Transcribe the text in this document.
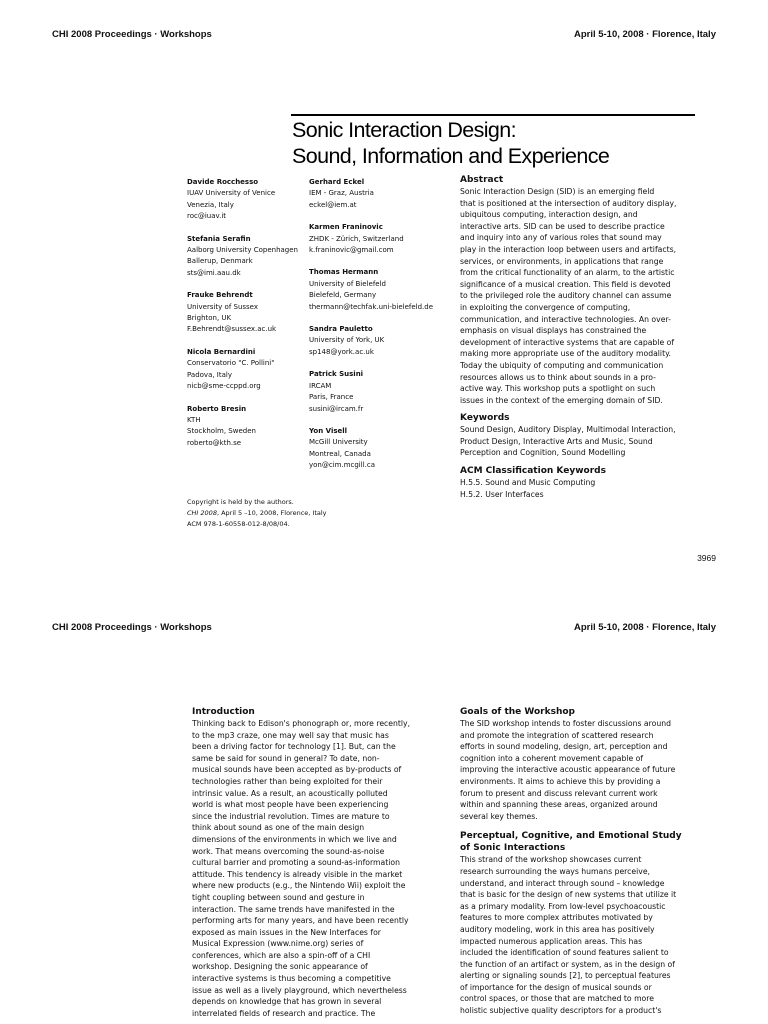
CHI 2008 Proceedings · Workshops	April 5-10, 2008 · Florence, Italy
Sonic Interaction Design:
Sound, Information and Experience
Davide Rocchesso
IUAV University of Venice
Venezia, Italy
roc@iuav.it
Stefania Serafin
Aalborg University Copenhagen
Ballerup, Denmark
sts@imi.aau.dk
Frauke Behrendt
University of Sussex
Brighton, UK
F.Behrendt@sussex.ac.uk
Nicola Bernardini
Conservatorio "C. Pollini"
Padova, Italy
nicb@sme-ccppd.org
Roberto Bresin
KTH
Stockholm, Sweden
roberto@kth.se
Gerhard Eckel
IEM - Graz, Austria
eckel@iem.at
Karmen Franinovic
ZHDK - Zürich, Switzerland
k.franinovic@gmail.com
Thomas Hermann
University of Bielefeld
Bielefeld, Germany
thermann@techfak.uni-bielefeld.de
Sandra Pauletto
University of York, UK
sp148@york.ac.uk
Patrick Susini
IRCAM
Paris, France
susini@ircam.fr
Yon Visell
McGill University
Montreal, Canada
yon@cim.mcgill.ca
Copyright is held by the authors.
CHI 2008, April 5 –10, 2008, Florence, Italy
ACM 978-1-60558-012-8/08/04.
Abstract
Sonic Interaction Design (SID) is an emerging field
that is positioned at the intersection of auditory display,
ubiquitous computing, interaction design, and
interactive arts. SID can be used to describe practice
and inquiry into any of various roles that sound may
play in the interaction loop between users and artifacts,
services, or environments, in applications that range
from the critical functionality of an alarm, to the artistic
significance of a musical creation. This field is devoted
to the privileged role the auditory channel can assume
in exploiting the convergence of computing,
communication, and interactive technologies. An over-
emphasis on visual displays has constrained the
development of interactive systems that are capable of
making more appropriate use of the auditory modality.
Today the ubiquity of computing and communication
resources allows us to think about sounds in a pro-
active way. This workshop puts a spotlight on such
issues in the context of the emerging domain of SID.
Keywords
Sound Design, Auditory Display, Multimodal Interaction,
Product Design, Interactive Arts and Music, Sound
Perception and Cognition, Sound Modelling
ACM Classification Keywords
H.5.5. Sound and Music Computing
H.5.2. User Interfaces
3969
CHI 2008 Proceedings · Workshops	April 5-10, 2008 · Florence, Italy
Introduction
Thinking back to Edison's phonograph or, more recently,
to the mp3 craze, one may well say that music has
been a driving factor for technology [1]. But, can the
same be said for sound in general? To date, non-
musical sounds have been accepted as by-products of
technologies rather than being exploited for their
intrinsic value. As a result, an acoustically polluted
world is what most people have been experiencing
since the industrial revolution. Times are mature to
think about sound as one of the main design
dimensions of the environments in which we live and
work. That means overcoming the sound-as-noise
cultural barrier and promoting a sound-as-information
attitude. This tendency is already visible in the market
where new products (e.g., the Nintendo Wii) exploit the
tight coupling between sound and gesture in
interaction. The same trends have manifested in the
performing arts for many years, and have been recently
exposed as main issues in the New Interfaces for
Musical Expression (www.nime.org) series of
conferences, which are also a spin-off of a CHI
workshop. Designing the sonic appearance of
interactive systems is thus becoming a competitive
issue as well as a lively playground, which nevertheless
depends on knowledge that has grown in several
interrelated fields of research and practice. The
Goals of the Workshop
The SID workshop intends to foster discussions around
and promote the integration of scattered research
efforts in sound modeling, design, art, perception and
cognition into a coherent movement capable of
improving the interactive acoustic appearance of future
environments. It aims to achieve this by providing a
forum to present and discuss relevant current work
within and spanning these areas, organized around
several key themes.
Perceptual, Cognitive, and Emotional Study
of Sonic Interactions
This strand of the workshop showcases current
research surrounding the ways humans perceive,
understand, and interact through sound – knowledge
that is basic for the design of new systems that utilize it
as a primary modality. From low-level psychoacoustic
features to more complex attributes motivated by
auditory modeling, work in this area has positively
impacted numerous application areas. This has
included the identification of sound features salient to
the function of an artifact or system, as in the design of
alerting or signaling sounds [2], to perceptual features
of importance for the design of musical sounds or
control spaces, or those that are matched to more
holistic subjective quality descriptors for a product's
